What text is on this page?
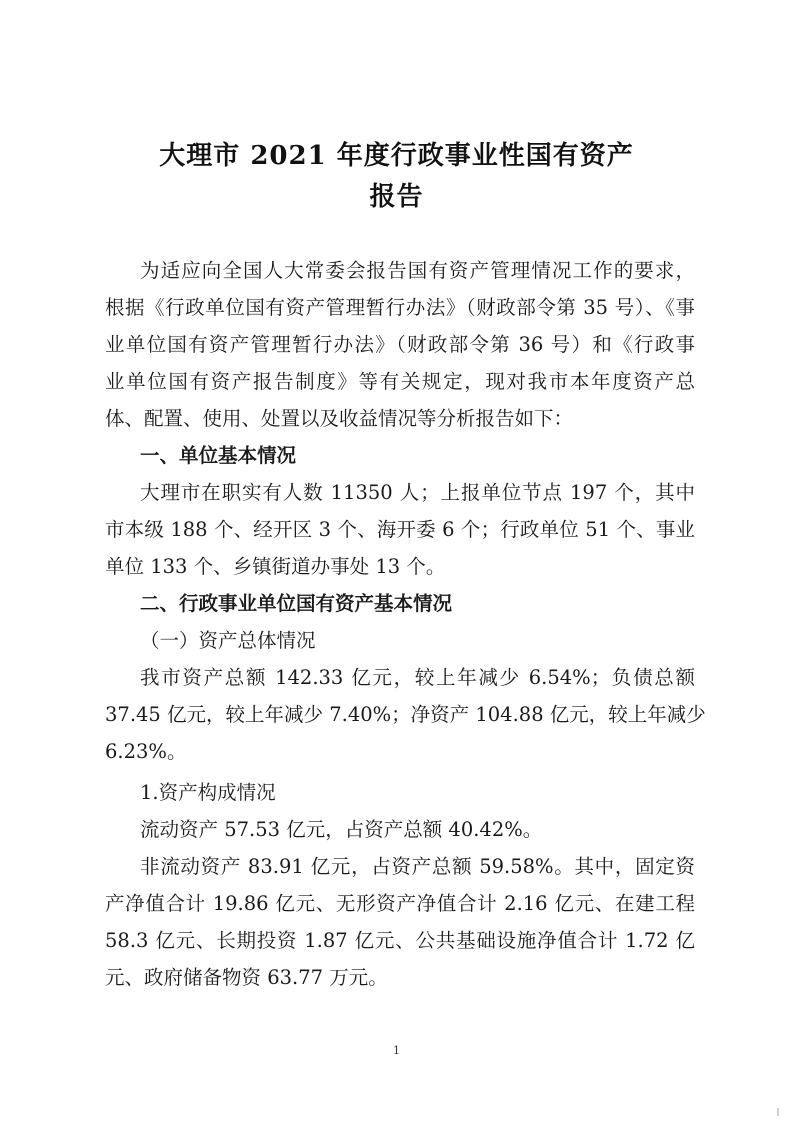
大理市 2021 年度行政事业性国有资产
报告
为适应向全国人大常委会报告国有资产管理情况工作的要求，
根据《行政单位国有资产管理暂行办法》（财政部令第 35 号）、《事
业单位国有资产管理暂行办法》（财政部令第 36 号）和《行政事
业单位国有资产报告制度》等有关规定，现对我市本年度资产总
体、配置、使用、处置以及收益情况等分析报告如下：
一、单位基本情况
大理市在职实有人数 11350 人；上报单位节点 197 个，其中
市本级 188 个、经开区 3 个、海开委 6 个；行政单位 51 个、事业
单位 133 个、乡镇街道办事处 13 个。
二、行政事业单位国有资产基本情况
（一）资产总体情况
我市资产总额 142.33 亿元，较上年减少 6.54%；负债总额
37.45 亿元，较上年减少 7.40%；净资产 104.88 亿元，较上年减少
6.23%。
1.资产构成情况
流动资产 57.53 亿元，占资产总额 40.42%。
非流动资产 83.91 亿元，占资产总额 59.58%。其中，固定资
产净值合计 19.86 亿元、无形资产净值合计 2.16 亿元、在建工程
58.3 亿元、长期投资 1.87 亿元、公共基础设施净值合计 1.72 亿
元、政府储备物资 63.77 万元。
1
